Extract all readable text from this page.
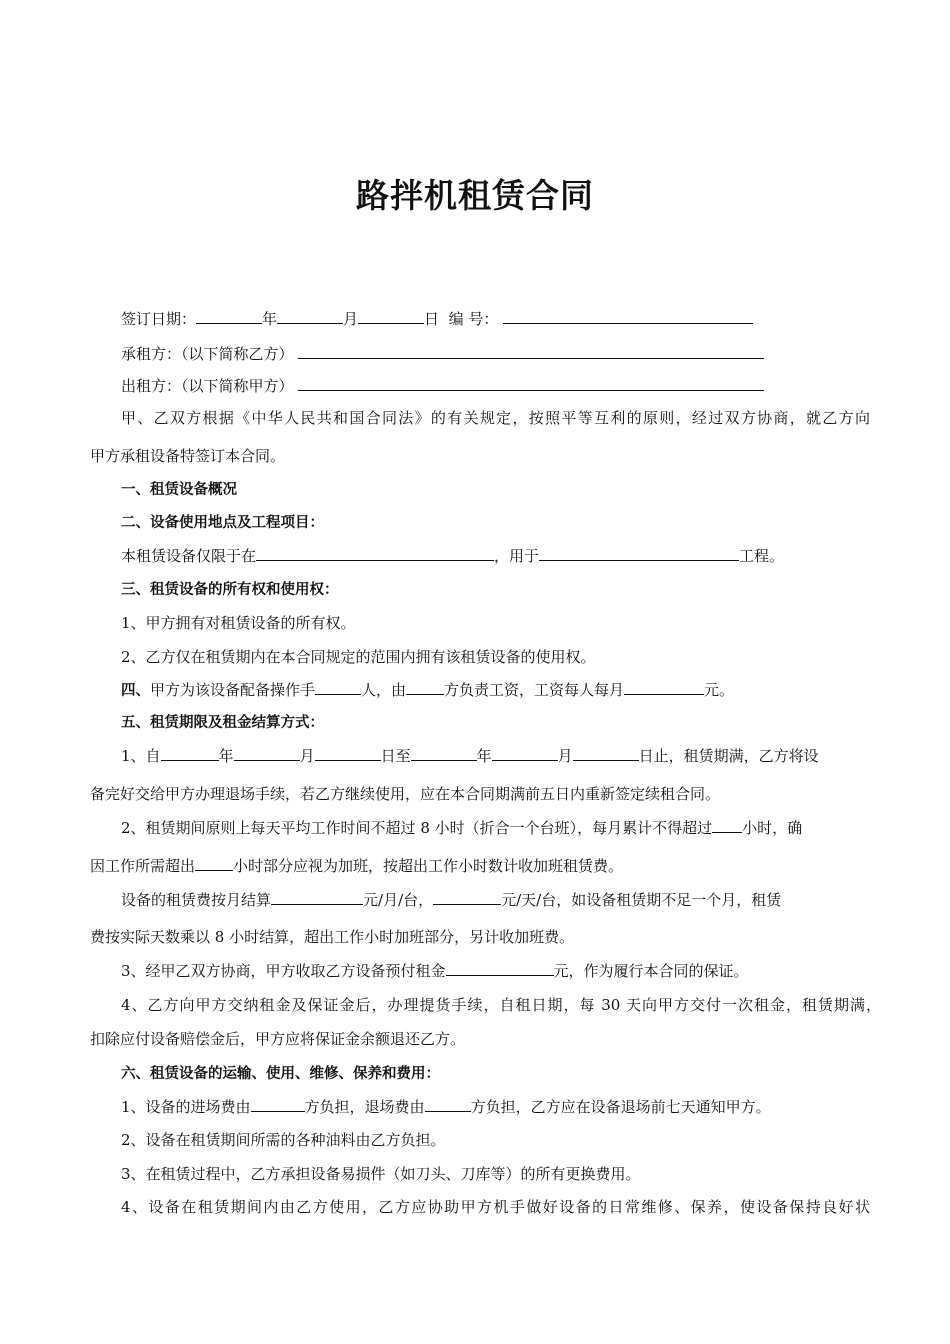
路拌机租赁合同
签订日期：	年	月	日 编 号：
承租方：（以下简称乙方）
出租方：（以下简称甲方）
甲、乙双方根据《中华人民共和国合同法》的有关规定，按照平等互利的原则，经过双方协商，就乙方向
甲方承租设备特签订本合同。
一、租赁设备概况
二、设备使用地点及工程项目：
本租赁设备仅限于在	，用于	工程。
三、租赁设备的所有权和使用权：
1、甲方拥有对租赁设备的所有权。
2、乙方仅在租赁期内在本合同规定的范围内拥有该租赁设备的使用权。
四、甲方为该设备配备操作手	人，由	方负责工资，工资每人每月	元。
五、租赁期限及租金结算方式：
1、自	年	月	日至	年	月	日止，租赁期满，乙方将设
备完好交给甲方办理退场手续，若乙方继续使用，应在本合同期满前五日内重新签定续租合同。
2、租赁期间原则上每天平均工作时间不超过 8 小时（折合一个台班），每月累计不得超过 小时，确
因工作所需超出	小时部分应视为加班，按超出工作小时数计收加班租赁费。
设备的租赁费按月结算	元/月/台，	元/天/台，如设备租赁期不足一个月，租赁
费按实际天数乘以 8 小时结算，超出工作小时加班部分，另计收加班费。
3、经甲乙双方协商，甲方收取乙方设备预付租金	元，作为履行本合同的保证。
4、乙方向甲方交纳租金及保证金后，办理提货手续，自租日期，每 30 天向甲方交付一次租金，租赁期满，
扣除应付设备赔偿金后，甲方应将保证金余额退还乙方。
六、租赁设备的运输、使用、维修、保养和费用：
1、设备的进场费由	方负担，退场费由	方负担，乙方应在设备退场前七天通知甲方。
2、设备在租赁期间所需的各种油料由乙方负担。
3、在租赁过程中，乙方承担设备易损件（如刀头、刀库等）的所有更换费用。
4、设备在租赁期间内由乙方使用，乙方应协助甲方机手做好设备的日常维修、保养，使设备保持良好状
